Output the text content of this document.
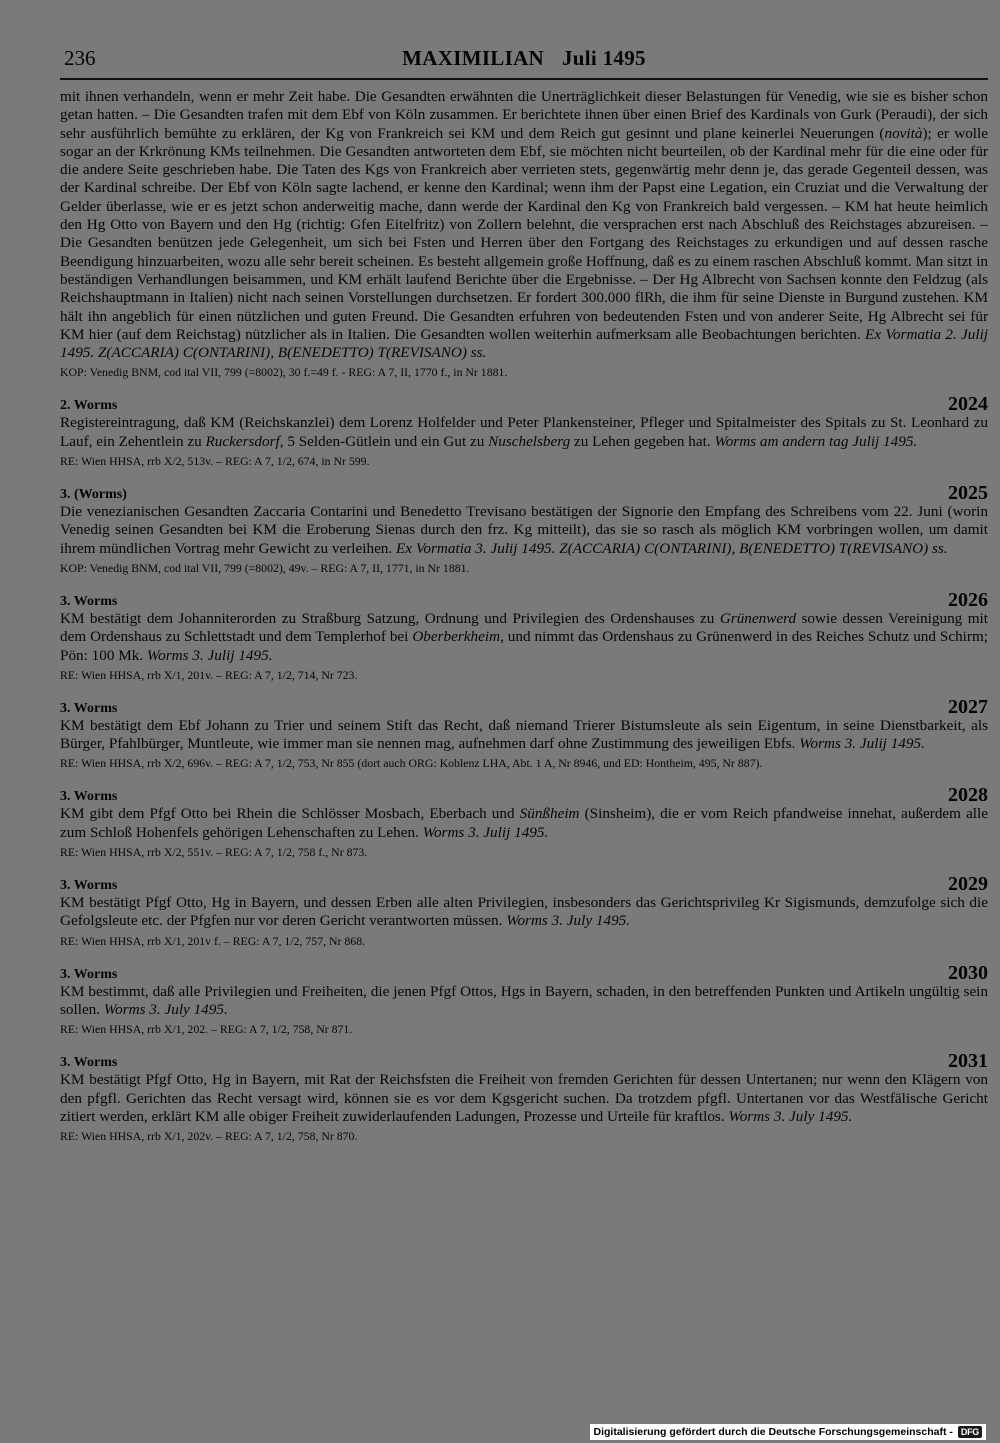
236	MAXIMILIAN Juli 1495

mit ihnen verhandeln, wenn er mehr Zeit habe. Die Gesandten erwähnten die Unerträglichkeit dieser Belastungen für Venedig, wie sie es bisher schon getan hatten. – Die Gesandten trafen mit dem Ebf von Köln zusammen. Er berichtete ihnen über einen Brief des Kardinals von Gurk (Peraudi), der sich sehr ausführlich bemühte zu erklären, der Kg von Frankreich sei KM und dem Reich gut gesinnt und plane keinerlei Neuerungen (novità); er wolle sogar an der Krkrönung KMs teilnehmen. Die Gesandten antworteten dem Ebf, sie möchten nicht beurteilen, ob der Kardinal mehr für die eine oder für die andere Seite geschrieben habe. Die Taten des Kgs von Frankreich aber verrieten stets, gegenwärtig mehr denn je, das gerade Gegenteil dessen, was der Kardinal schreibe. Der Ebf von Köln sagte lachend, er kenne den Kardinal; wenn ihm der Papst eine Legation, ein Cruziat und die Verwaltung der Gelder überlasse, wie er es jetzt schon anderweitig mache, dann werde der Kardinal den Kg von Frankreich bald vergessen. – KM hat heute heimlich den Hg Otto von Bayern und den Hg (richtig: Gfen Eitelfritz) von Zollern belehnt, die versprachen erst nach Abschluß des Reichstages abzureisen. – Die Gesandten benützen jede Gelegenheit, um sich bei Fsten und Herren über den Fortgang des Reichstages zu erkundigen und auf dessen rasche Beendigung hinzuarbeiten, wozu alle sehr bereit scheinen. Es besteht allgemein große Hoffnung, daß es zu einem raschen Abschluß kommt. Man sitzt in beständigen Verhandlungen beisammen, und KM erhält laufend Berichte über die Ergebnisse. – Der Hg Albrecht von Sachsen konnte den Feldzug (als Reichshauptmann in Italien) nicht nach seinen Vorstellungen durchsetzen. Er fordert 300.000 flRh, die ihm für seine Dienste in Burgund zustehen. KM hält ihn angeblich für einen nützlichen und guten Freund. Die Gesandten erfuhren von bedeutenden Fsten und von anderer Seite, Hg Albrecht sei für KM hier (auf dem Reichstag) nützlicher als in Italien. Die Gesandten wollen weiterhin aufmerksam alle Beobachtungen berichten. Ex Vormatia 2. Julij 1495. Z(ACCARIA) C(ONTARINI), B(ENEDETTO) T(REVISANO) ss.

KOP: Venedig BNM, cod ital VII, 799 (=8002), 30 f.=49 f. - REG: A 7, II, 1770 f., in Nr 1881.

2. Worms	2024

Registereintragung, daß KM (Reichskanzlei) dem Lorenz Holfelder und Peter Plankensteiner, Pfleger und Spitalmeister des Spitals zu St. Leonhard zu Lauf, ein Zehentlein zu Ruckersdorf, 5 Selden-Gütlein und ein Gut zu Nuschelsberg zu Lehen gegeben hat. Worms am andern tag Julij 1495.

RE: Wien HHSA, rrb X/2, 513v. – REG: A 7, 1/2, 674, in Nr 599.

3. (Worms)	2025

Die venezianischen Gesandten Zaccaria Contarini und Benedetto Trevisano bestätigen der Signorie den Empfang des Schreibens vom 22. Juni (worin Venedig seinen Gesandten bei KM die Eroberung Sienas durch den frz. Kg mitteilt), das sie so rasch als möglich KM vorbringen wollen, um damit ihrem mündlichen Vortrag mehr Gewicht zu verleihen. Ex Vormatia 3. Julij 1495. Z(ACCARIA) C(ONTARINI), B(ENEDETTO) T(REVISANO) ss.

KOP: Venedig BNM, cod ital VII, 799 (=8002), 49v. – REG: A 7, II, 1771, in Nr 1881.

3. Worms	2026

KM bestätigt dem Johanniterorden zu Straßburg Satzung, Ordnung und Privilegien des Ordenshauses zu Grünenwerd sowie dessen Vereinigung mit dem Ordenshaus zu Schlettstadt und dem Templerhof bei Oberberkheim, und nimmt das Ordenshaus zu Grünenwerd in des Reiches Schutz und Schirm; Pön: 100 Mk. Worms 3. Julij 1495.

RE: Wien HHSA, rrb X/1, 201v. – REG: A 7, 1/2, 714, Nr 723.

3. Worms	2027

KM bestätigt dem Ebf Johann zu Trier und seinem Stift das Recht, daß niemand Trierer Bistumsleute als sein Eigentum, in seine Dienstbarkeit, als Bürger, Pfahlbürger, Muntleute, wie immer man sie nennen mag, aufnehmen darf ohne Zustimmung des jeweiligen Ebfs. Worms 3. Julij 1495.

RE: Wien HHSA, rrb X/2, 696v. – REG: A 7, 1/2, 753, Nr 855 (dort auch ORG: Koblenz LHA, Abt. 1 A, Nr 8946, und ED: Hontheim, 495, Nr 887).

3. Worms	2028

KM gibt dem Pfgf Otto bei Rhein die Schlösser Mosbach, Eberbach und Sünßheim (Sinsheim), die er vom Reich pfandweise innehat, außerdem alle zum Schloß Hohenfels gehörigen Lehenschaften zu Lehen. Worms 3. Julij 1495.

RE: Wien HHSA, rrb X/2, 551v. – REG: A 7, 1/2, 758 f., Nr 873.

3. Worms	2029

KM bestätigt Pfgf Otto, Hg in Bayern, und dessen Erben alle alten Privilegien, insbesonders das Gerichtsprivileg Kr Sigismunds, demzufolge sich die Gefolgsleute etc. der Pfgfen nur vor deren Gericht verantworten müssen. Worms 3. July 1495.

RE: Wien HHSA, rrb X/1, 201v f. – REG: A 7, 1/2, 757, Nr 868.

3. Worms	2030

KM bestimmt, daß alle Privilegien und Freiheiten, die jenen Pfgf Ottos, Hgs in Bayern, schaden, in den betreffenden Punkten und Artikeln ungültig sein sollen. Worms 3. July 1495.

RE: Wien HHSA, rrb X/1, 202. – REG: A 7, 1/2, 758, Nr 871.

3. Worms	2031

KM bestätigt Pfgf Otto, Hg in Bayern, mit Rat der Reichsfsten die Freiheit von fremden Gerichten für dessen Untertanen; nur wenn den Klägern von den pfgfl. Gerichten das Recht versagt wird, können sie es vor dem Kgsgericht suchen. Da trotzdem pfgfl. Untertanen vor das Westfälische Gericht zitiert werden, erklärt KM alle obiger Freiheit zuwiderlaufenden Ladungen, Prozesse und Urteile für kraftlos. Worms 3. July 1495.

RE: Wien HHSA, rrb X/1, 202v. – REG: A 7, 1/2, 758, Nr 870.

Digitalisierung gefördert durch die Deutsche Forschungsgemeinschaft - DFG
